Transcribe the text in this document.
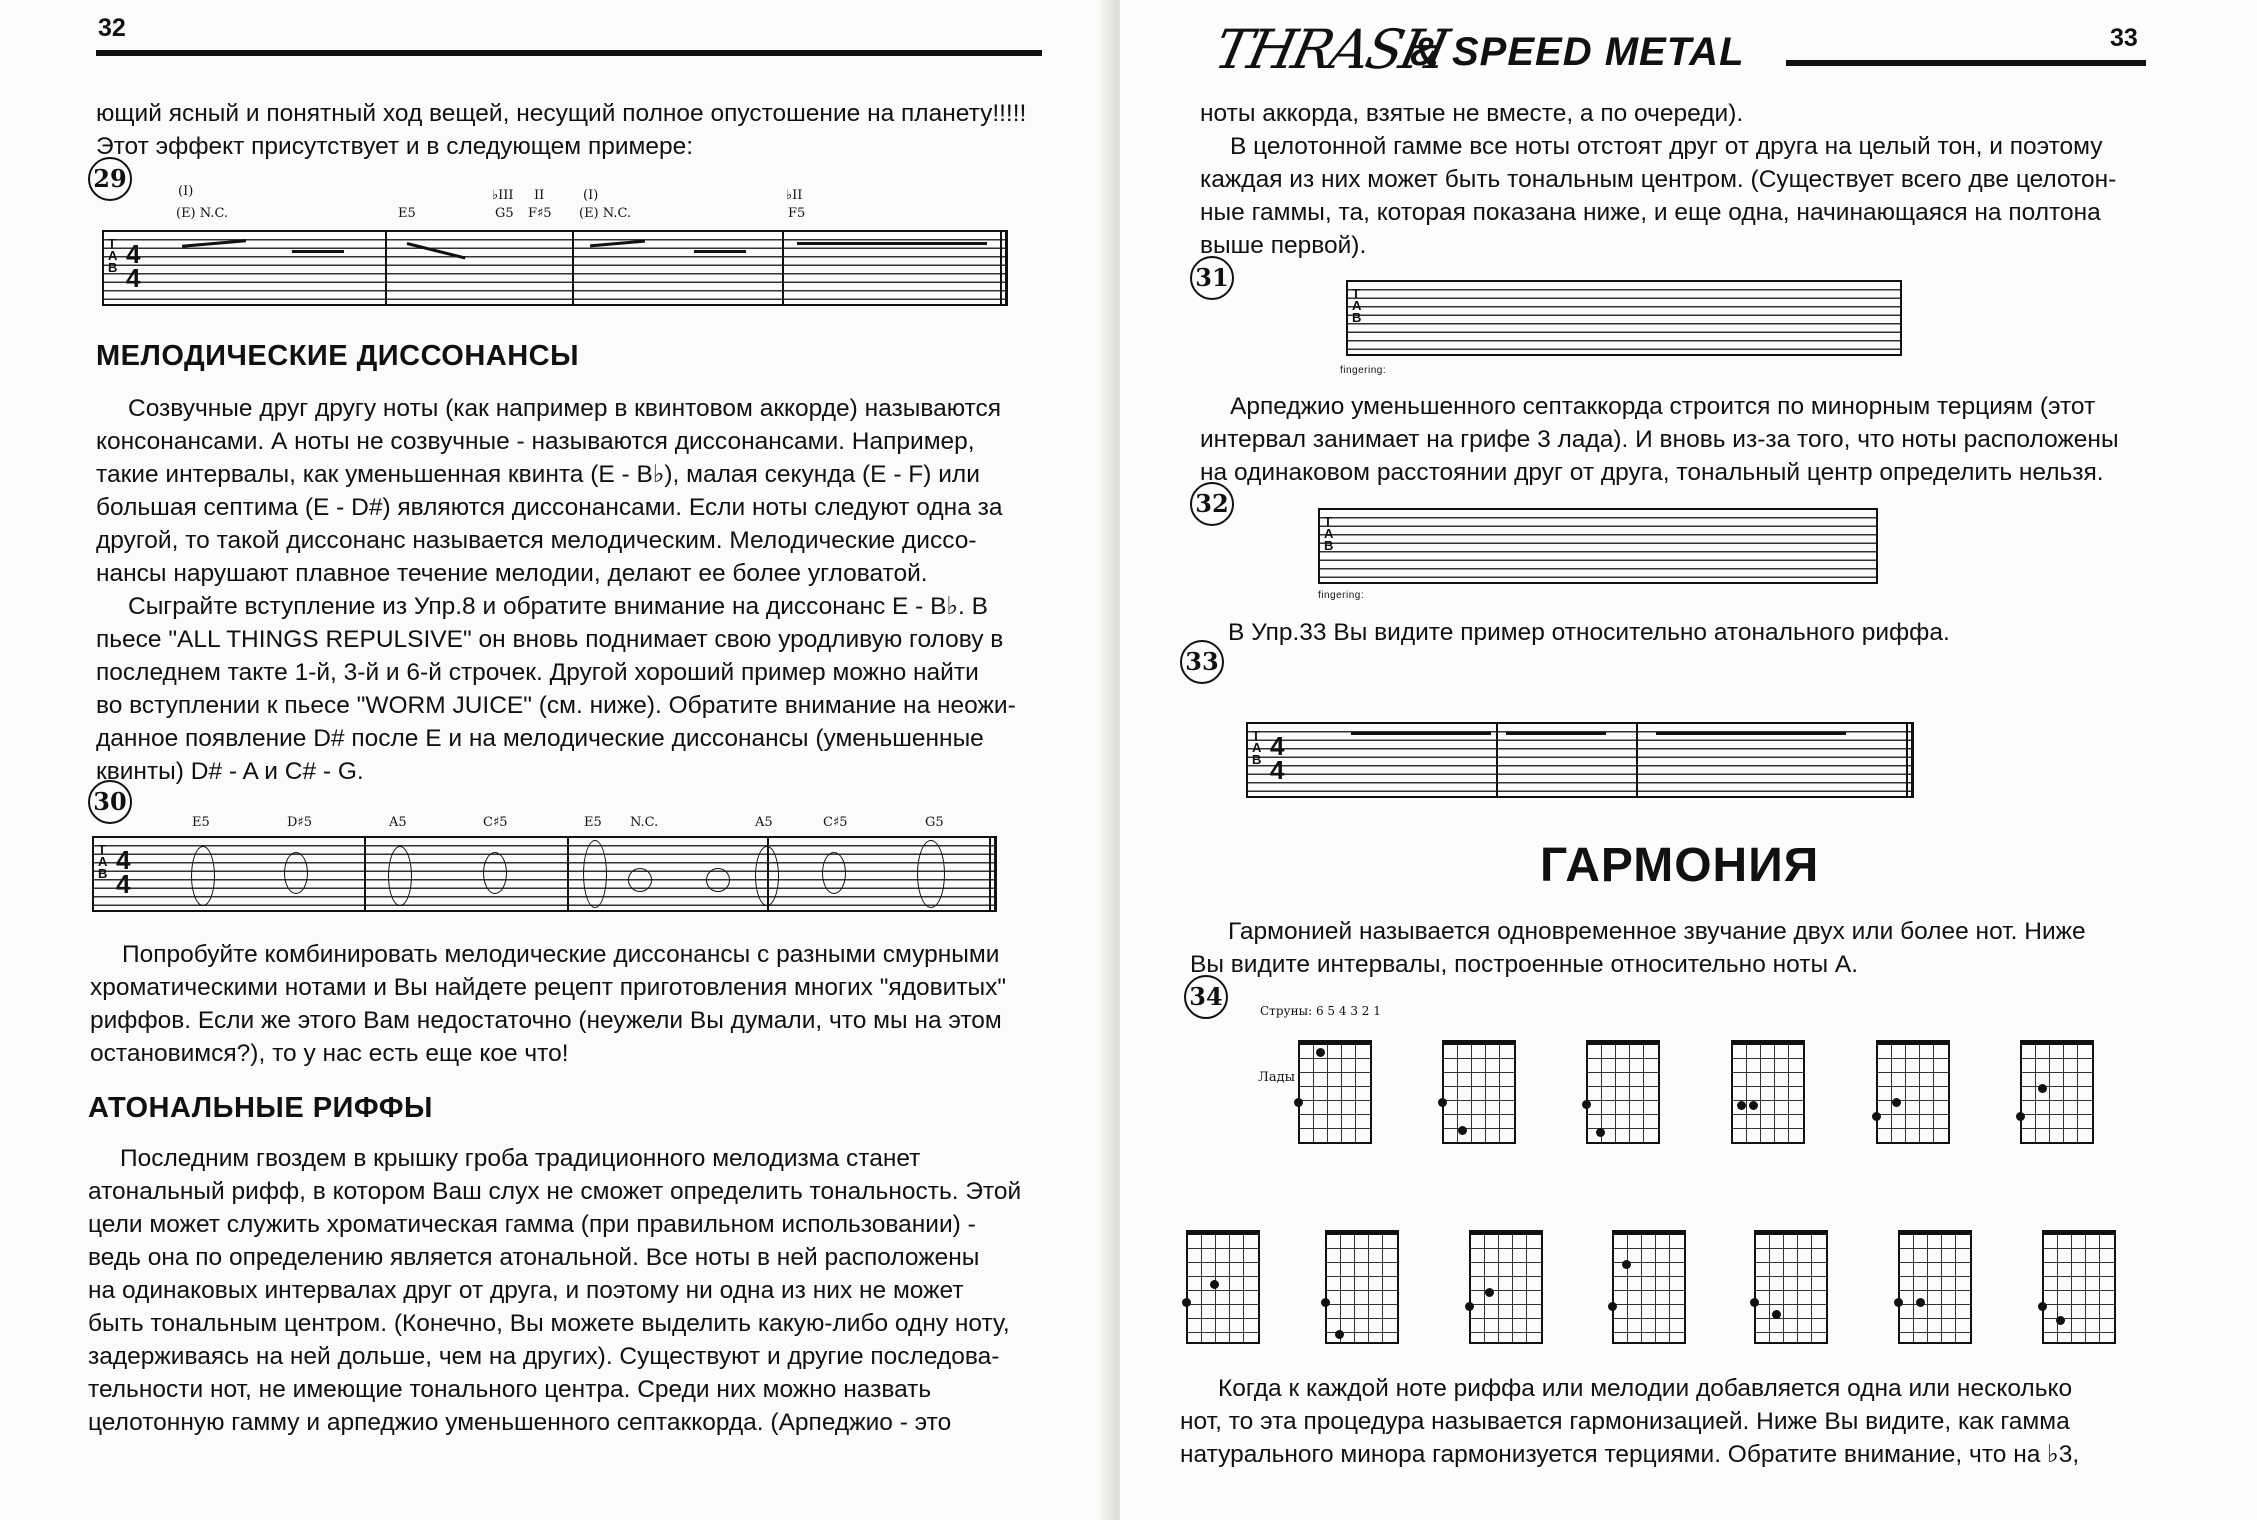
32

ющий ясный и понятный ход вещей, несущий полное опустошение на планету!!!!!
Этот эффект присутствует и в следующем примере:

29	(I)
(E) N.C.	E5
♭III II
G5 F♯5
(I)
(E) N.C.
♭II
F5
T
A
B 4
4
МЕЛОДИЧЕСКИЕ ДИССОНАНСЫ

Созвучные друг другу ноты (как например в квинтовом аккорде) называются
консонансами. А ноты не созвучные - называются диссонансами. Например,
такие интервалы, как уменьшенная квинта (E - B♭), малая секунда (E - F) или
большая септима (E - D#) являются диссонансами. Если ноты следуют одна за
другой, то такой диссонанс называется мелодическим. Мелодические диссо-
нансы нарушают плавное течение мелодии, делают ее более угловатой.
Сыграйте вступление из Упр.8 и обратите внимание на диссонанс E - B♭. В
пьесе "ALL THINGS REPULSIVE" он вновь поднимает свою уродливую голову в
последнем такте 1-й, 3-й и 6-й строчек. Другой хороший пример можно найти
во вступлении к пьесе "WORM JUICE" (см. ниже). Обратите внимание на неожи-
данное появление D# после E и на мелодические диссонансы (уменьшенные
квинты) D# - A и C# - G.

30
E5	D♯5	A5	C♯5	E5 N.C.	A5	C♯5	G5
T
A
B 4
4

Попробуйте комбинировать мелодические диссонансы с разными смурными
хроматическими нотами и Вы найдете рецепт приготовления многих "ядовитых"
риффов. Если же этого Вам недостаточно (неужели Вы думали, что мы на этом
остановимся?), то у нас есть еще кое что!

АТОНАЛЬНЫЕ РИФФЫ

Последним гвоздем в крышку гроба традиционного мелодизма станет
атональный рифф, в котором Ваш слух не сможет определить тональность. Этой
цели может служить хроматическая гамма (при правильном использовании) -
ведь она по определению является атональной. Все ноты в ней расположены
на одинаковых интервалах друг от друга, и поэтому ни одна из них не может
быть тональным центром. (Конечно, Вы можете выделить какую-либо одну ноту,
задерживаясь на ней дольше, чем на других). Существуют и другие последова-
тельности нот, не имеющие тонального центра. Среди них можно назвать
целотонную гамму и арпеджио уменьшенного септаккорда. (Арпеджио - это

THRASH
& SPEED METAL	33

ноты аккорда, взятые не вместе, а по очереди).

В целотонной гамме все ноты отстоят друг от друга на целый тон, и поэтому
каждая из них может быть тональным центром. (Существует всего две целотон-
ные гаммы, та, которая показана ниже, и еще одна, начинающаяся на полтона
выше первой).

31
T
A
B
fingering:

Арпеджио уменьшенного септаккорда строится по минорным терциям (этот
интервал занимает на грифе 3 лада). И вновь из-за того, что ноты расположены
на одинаковом расстоянии друг от друга, тональный центр определить нельзя.

32
T
A
B
fingering:

В Упр.33 Вы видите пример относительно атонального риффа.

33
T
A
B 4
4
ГАРМОНИЯ

Гармонией называется одновременное звучание двух или более нот. Ниже
Вы видите интервалы, построенные относительно ноты A.

34	Струны: 6 5 4 3 2 1
Лады

Когда к каждой ноте риффа или мелодии добавляется одна или несколько
нот, то эта процедура называется гармонизацией. Ниже Вы видите, как гамма
натурального минора гармонизуется терциями. Обратите внимание, что на ♭3,
